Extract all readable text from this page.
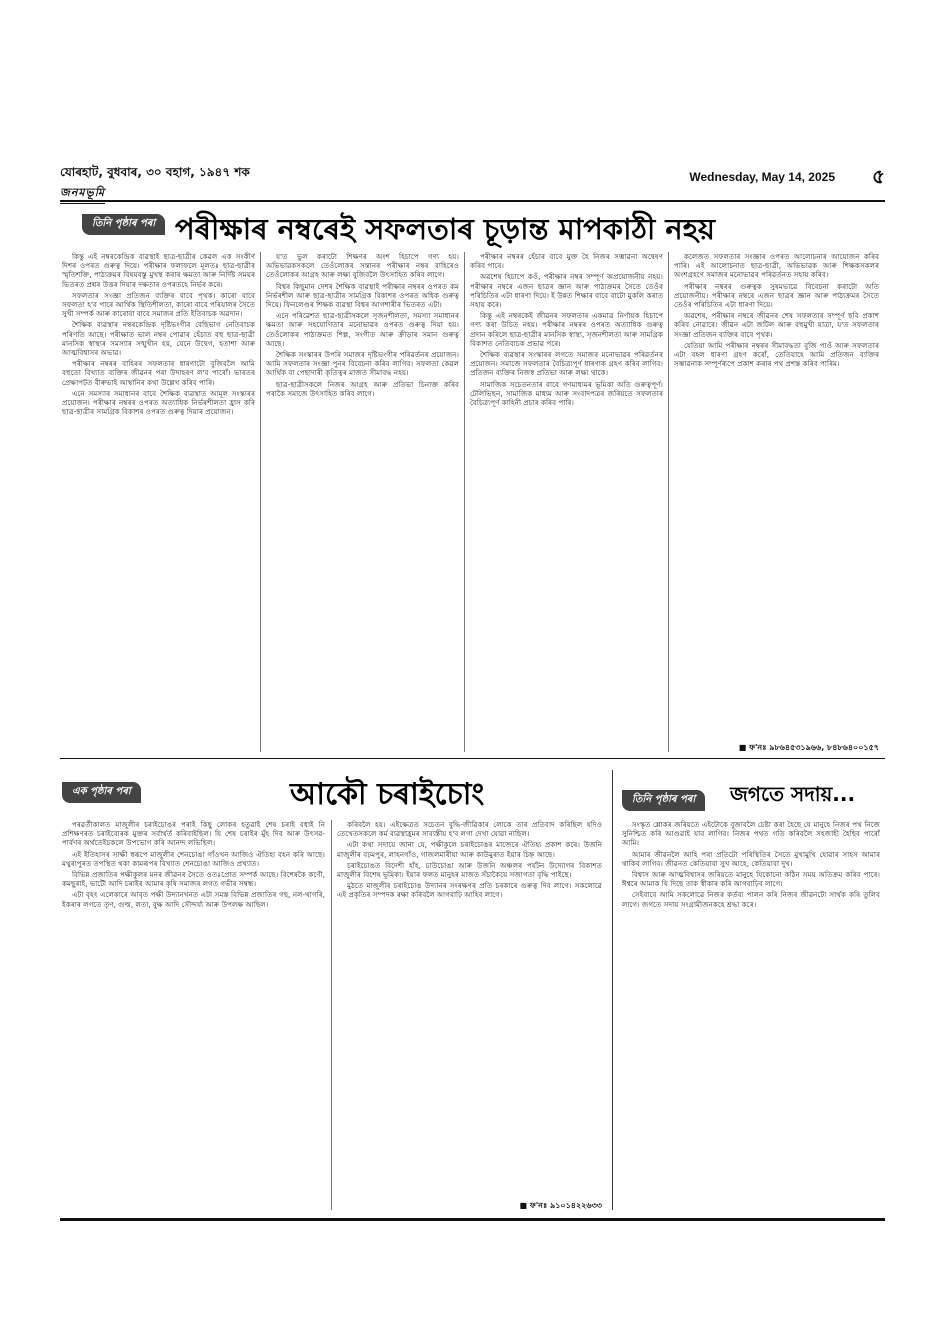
যোৰহাট, বুধবাৰ, ৩০ বহাগ, ১৯৪৭ শক
জনমভূমি
Wednesday, May 14, 2025 ৫
তিনি পৃষ্ঠাৰ পৰা পৰীক্ষাৰ নম্বৰেই সফলতাৰ চূড়ান্ত মাপকাঠী নহয়

কিন্তু এই নম্বৰকেন্দ্ৰিক ব্যৱস্থাই ছাত্ৰ-ছাত্ৰীৰ কেৱল এক সংকীৰ্ণ দিশৰ ওপৰত গুৰুত্ব দিয়ে। পৰীক্ষাৰ ফলাফলে মূলতঃ ছাত্ৰ-ছাত্ৰীৰ স্মৃতিশক্তি, পাঠ্যক্ৰমৰ বিষয়বস্তু মুখস্থ কৰাৰ ক্ষমতা আৰু নিৰ্দিষ্ট সময়ৰ ভিতৰত প্ৰশ্নৰ উত্তৰ দিয়াৰ দক্ষতাৰ ওপৰতহে নিৰ্ভৰ কৰে।

সফলতাৰ সংজ্ঞা প্ৰতিজন ব্যক্তিৰ বাবে পৃথক। কাৰো বাবে সফলতা হ'ব পাৰে আৰ্থিক স্থিতিশীলতা, কাৰো বাবে পৰিয়ালৰ সৈতে সুখী সম্পৰ্ক আৰু কাৰোবা বাবে সমাজৰ প্ৰতি ইতিবাচক অৱদান।

শৈক্ষিক ব্যৱস্থাৰ নম্বৰকেন্দ্ৰিক দৃষ্টিভংগীৰ বেছিভাগ নেতিবাচক পৰিণতি আছে। পৰীক্ষাত ভাল নম্বৰ পোৱাৰ হেঁচাত বহু ছাত্ৰ-ছাত্ৰী মানসিক স্বাস্থ্যৰ সমস্যাৰ সন্মুখীন হয়, যেনে উদ্বেগ, হতাশা আৰু আত্মবিশ্বাসৰ অভাৱ।

পৰীক্ষাৰ নম্বৰৰ বাহিৰৰ সফলতাৰ ধাৰণাটো বুজিবলৈ আমি বহুতো বিখ্যাত ব্যক্তিৰ জীৱনৰ পৰা উদাহৰণ ল'ব পাৰোঁ। ভাৰতৰ প্ৰেক্ষাপটত বীৰুভাই আম্বানিৰ কথা উল্লেখ কৰিব পাৰি।

এনে সমস্যাৰ সমাধানৰ বাবে শৈক্ষিক ব্যৱস্থাত আমূল সংস্কাৰৰ প্ৰয়োজন। পৰীক্ষাৰ নম্বৰৰ ওপৰত অত্যাধিক নিৰ্ভৰশীলতা হ্ৰাস কৰি ছাত্ৰ-ছাত্ৰীৰ সামগ্ৰিক বিকাশৰ ওপৰত গুৰুত্ব দিয়াৰ প্ৰয়োজন।

য'ত ভুল কৰাটো শিক্ষণৰ অংশ হিচাপে গণ্য হয়। অভিভাৱকসকলে তেওঁলোকৰ সন্তানৰ পৰীক্ষাৰ নম্বৰ বাহিৰেও তেওঁলোকৰ আগ্ৰহ আৰু লক্ষ্য বুজিবলৈ উৎসাহিত কৰিব লাগে।

বিশ্বৰ কিছুমান দেশৰ শৈক্ষিক ব্যৱস্থাই পৰীক্ষাৰ নম্বৰৰ ওপৰত কম নিৰ্ভৰশীল আৰু ছাত্ৰ-ছাত্ৰীৰ সামগ্ৰিক বিকাশৰ ওপৰত অধিক গুৰুত্ব দিয়ে। ফিনলেণ্ডৰ শিক্ষক ব্যৱস্থা বিশ্বৰ আগশাৰীৰ ভিতৰত এটা।

এনে পৰিৱেশত ছাত্ৰ-ছাত্ৰীসকলে সৃজনশীলতা, সমস্যা সমাধানৰ ক্ষমতা আৰু সহযোগিতাৰ মনোভাৱৰ ওপৰত গুৰুত্ব দিয়া হয়। তেওঁলোকৰ পাঠ্যক্ৰমত শিল্প, সংগীত আৰু ক্ৰীড়াৰ সমান গুৰুত্ব আছে।

শৈক্ষিক সংস্কাৰৰ উপৰি সমাজৰ দৃষ্টিভংগীৰ পৰিৱৰ্তনৰ প্ৰয়োজন। আমি সফলতাৰ সংজ্ঞা পুনৰ বিবেচনা কৰিব লাগিব। সফলতা কেৱল আৰ্থিক বা পেছাদাৰী কৃতিত্বৰ মাজত সীমাবদ্ধ নহয়।

ছাত্ৰ-ছাত্ৰীসকলে নিজৰ আগ্ৰহ আৰু প্ৰতিভা চিনাক্ত কৰিব পৰাকৈ সমাজে উৎসাহিত কৰিব লাগে।

পৰীক্ষাৰ নম্বৰৰ হেঁচাৰ বাবে মুক্ত হৈ নিজৰ সম্ভাৱনা অন্বেষণ কৰিব পাৰে।

অৱশেষ হিচাপে কওঁ, পৰীক্ষাৰ নম্বৰ সম্পূৰ্ণ অপ্ৰয়োজনীয় নহয়। পৰীক্ষাৰ নম্বৰে এজন ছাত্ৰৰ জ্ঞান আৰু পাঠ্যক্ৰমৰ সৈতে তেওঁৰ পৰিচিতিৰ এটা ধাৰণা দিয়ে। ই উন্নত শিক্ষাৰ বাবে বাটো মুকলি কৰাত সহায় কৰে।

কিন্তু এই নম্বৰকেই জীৱনৰ সফলতাৰ একমাত্ৰ নিৰ্ণায়ক হিচাপে গণ্য কৰা উচিত নহয়। পৰীক্ষাৰ নম্বৰৰ ওপৰত অত্যাধিক গুৰুত্ব প্ৰদান কৰিলে ছাত্ৰ-ছাত্ৰীৰ মানসিক স্বাস্থ্য, সৃজনশীলতা আৰু সামগ্ৰিক বিকাশত নেতিবাচক প্ৰভাৱ পৰে।

শৈক্ষিক ব্যৱস্থাৰ সংস্কাৰৰ লগতে সমাজৰ মনোভাৱৰ পৰিৱৰ্তনৰ প্ৰয়োজন। সমাজে সফলতাৰ বৈচিত্ৰ্যপূৰ্ণ ধাৰণাক গ্ৰহণ কৰিব লাগিব। প্ৰতিজন ব্যক্তিৰ নিজস্ব প্ৰতিভা আৰু লক্ষ্য থাকে।

সামাজিক সচেতনতাৰ বাবে গণমাধ্যমৰ ভূমিকা অতি গুৰুত্বপূৰ্ণ। টেলিভিছন, সামাজিক মাধ্যম আৰু সংবাদপত্ৰৰ জৰিয়তে সফলতাৰ বৈচিত্ৰ্যপূৰ্ণ কাহিনী প্ৰচাৰ কৰিব পাৰি।

কলেজত সফলতাৰ সংজ্ঞাৰ ওপৰত আলোচনাৰ আয়োজন কৰিব পাৰি। এই আলোচনাত ছাত্ৰ-ছাত্ৰী, অভিভাৱক আৰু শিক্ষকসকলৰ অংশগ্ৰহণে সমাজৰ মনোভাৱৰ পৰিৱৰ্তনত সহায় কৰিব।

পৰীক্ষাৰ নম্বৰৰ গুৰুত্বক সুষমভাৱে বিবেচনা কৰাটো অতি প্ৰয়োজনীয়। পৰীক্ষাৰ নম্বৰে এজন ছাত্ৰৰ জ্ঞান আৰু পাঠ্যক্ৰমৰ সৈতে তেওঁৰ পৰিচিতিৰ এটা ধাৰণা দিয়ে।

অৱশেষ, পৰীক্ষাৰ নম্বৰে জীৱনৰ শেষ সফলতাৰ সম্পূৰ্ণ ছবি প্ৰকাশ কৰিব নোৱাৰে। জীৱন এটা জটিল আৰু বহুমুখী যাত্ৰা, য'ত সফলতাৰ সংজ্ঞা প্ৰতিজন ব্যক্তিৰ বাবে পৃথক।

যেতিয়া আমি পৰীক্ষাৰ নম্বৰৰ সীমাবদ্ধতা বুজি পাওঁ আৰু সফলতাৰ এটা বহল ধাৰণা গ্ৰহণ কৰোঁ, তেতিয়াহে আমি প্ৰতিজন ব্যক্তিৰ সম্ভাৱনাক সম্পূৰ্ণৰূপে প্ৰকাশ কৰাৰ পথ প্ৰশস্ত কৰিব পাৰিম।

■ ফ'নঃ ৯৮৬৪৫৩১৯৬৬, ৮৪৮৬৪০০১৫৭
এক পৃষ্ঠাৰ পৰা	আকৌ চৰাইচোং

পৰৱৰ্তীকালত মাজুলীৰ চৰাইচোঙৰ পৰাই কিছু লোকৰ হতুৱাই শেষ চৰাই বধাই নি প্ৰশিক্ষণৰত চৰাইবোৰক মুক্তৰ সৰ্বাৰ্থৰ্ত কৰিবাইছিল। যি শেষ চৰাইৰ মুঁহ দিব আৰু উৎসৱ-পাৰ্বণৰ অৰ্থতেইচকলে উপভোগ কৰি আনন্দ লভিছিল।

এই ইতিহাসৰ সাক্ষী স্বৰূপে মাজুলীৰ শেনচোঙা গাঁওখন আজিও ঐতিহ্য বহন কৰি আছে। মথুৰাপুৰত তপস্থিত থকা কামৰূপৰ বিখ্যাত শেনচোঙা আজিও প্ৰখ্যাত।

বিভিন্ন প্ৰজাতিৰ পক্ষীকুলৰ মনৰ জীৱনৰ সৈতে ওতঃপ্ৰোত সম্পৰ্ক আছে। বিশেষকৈ কণৌ, কমছুৰাই, ভাটৌ আদি চৰাইৰ আমাৰ কৃষি সমাজৰ লগত গভীৰ সম্বন্ধ।

এটা বৃহৎ এলেকাৰে আবৃত পক্ষী উদ্যানখনত এটা সমস্ত বিভিন্ন প্ৰজাতিৰ গছ, নল-খাগৰি, ইকৰাৰ লগতে তৃণ, গুল্ম, লতা, বুক্ষ আদি সৌন্দৰ্য্য আৰু উপলক্ষ আছিল।

কৰিবলৈ হয়। এইক্ষেত্ৰত সচেতন বুদ্ধি-জীৱিকাৰ লোকে তাৰ প্ৰতিবাদ কৰিছিল যদিও তেখেতসকলে কৰ্ম ব্যৱস্থাহ্ৰমৰ সাব্যস্তীয় হ'ব লগা দেখা যোৱা নাছিল।

এটা কথা সদায়ে জানা যে, পক্ষীকুলে চৰাইচোঙৰ মাজেৰে ঐতিহ্য প্ৰকাশ কৰে। উজনি মাজুলীৰ বঢ়মপুৰ, লাহনগাঁও, গাজলমাৰীয়া আৰু কাউমুৰাত ইয়াৰ চিহ্ন আছে।

চৰাইচোঙত বিদেশী হাঁহ, চাউচোঙা আৰু উজনি অঞ্চলৰ পৰ্যটন উদ্যোগৰ বিকাশত মাজুলীৰ বিশেষ ভূমিকা। ইয়াৰ ফলত মানুহৰ মাজত সঁচাকৈয়ে সজাগতা বৃদ্ধি পাইছে।

মুঠতে মাজুলীৰ চৰাইচোঙ উদ্যানৰ সংৰক্ষণৰ প্ৰতি চৰকাৰে গুৰুত্ব দিব লাগে। সকলোৱে এই প্ৰকৃতিৰ সম্পদক ৰক্ষা কৰিবলৈ আগবাঢ়ি আহিব লাগে।

■ ফ'নঃ ৯১০১৪২২৬৩৩
তিনি পৃষ্ঠাৰ পৰা	জগতে সদায়...

সংস্কৃত শ্লোকৰ জৰিয়তে এইটোকে বুজাবলৈ চেষ্টা কৰা হৈছে যে মানুহে নিজৰ পথ নিজে সুনিশ্চিত কৰি আগুৱাই যাব লাগিব। নিজৰ পথত গতি কৰিবলৈ সহজাহী হৈছিব পাৰোঁ আমি।

আমাৰ জীৱনলৈ আহি পৰা প্ৰতিটো পৰিস্থিতিৰ সৈতে মুখামুখি হোৱাৰ সাহস আমাৰ থাকিব লাগিব। জীৱনত কেতিয়াবা সুখ আহে, কেতিয়াবা দুখ।

বিশ্বাস আৰু আত্মবিশ্বাসৰ জৰিয়তে মানুহে যিকোনো কঠিন সময় অতিক্ৰম কৰিব পাৰে। ঈশ্বৰে আমাক যি দিছে তাক স্বীকাৰ কৰি আগবাঢ়িব লাগে।

সেইবাবে আমি সকলোৱে নিজৰ কৰ্তব্য পালন কৰি নিজৰ জীৱনটো সাৰ্থক কৰি তুলিব লাগে। জগতে সদায় সংগ্ৰামীজনকহে শ্ৰদ্ধা কৰে।
